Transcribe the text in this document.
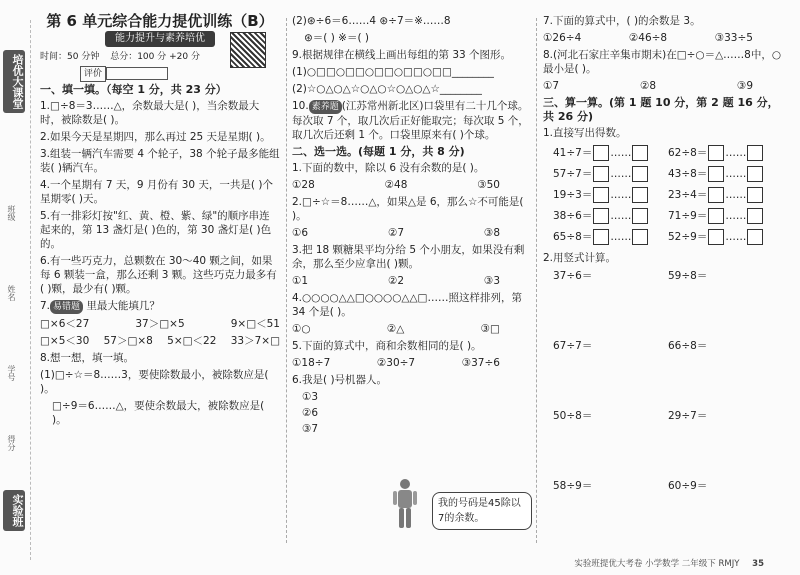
培优大课堂
班级
姓名
学号
得分
实验班
第 6 单元综合能力提优训练（B）
能力提升与素养培优
时间：50 分钟 总分：100 分 +20 分
评价
一、填一填。（每空 1 分，共 23 分）

1.□÷8＝3……△，余数最大是( )，当余数最大时，被除数是( )。

2.如果今天是星期四，那么再过 25 天是星期( )。

3.组装一辆汽车需要 4 个轮子，38 个轮子最多能组装( )辆汽车。

4.一个星期有 7 天，9 月份有 30 天，一共是( )个星期零( )天。

5.有一排彩灯按"红、黄、橙、紫、绿"的顺序串连起来的，第 13 盏灯是( )色的，第 30 盏灯是( )色的。

6.有一些巧克力，总颗数在 30～40 颗之间，如果每 6 颗装一盒，那么还剩 3 颗。这些巧克力最多有( )颗，最少有( )颗。

7. 易错题 里最大能填几？

□×6＜27	37＞□×5	9×□＜51
□×5＜30 57＞□×8 5×□＜22 33＞7×□

8.想一想，填一填。

(1)□÷☆＝8……3，要使除数最小，被除数应是( )。

□÷9＝6……△，要使余数最大，被除数应是( )。

(2)⊛÷6＝6……4 ⊛÷7＝※……8

⊛＝( ) ※＝( )

9.根据规律在横线上画出每组的第 33 个图形。

(1)○□□○□□○□□○□□○□□________

(2)☆○△○△☆○△○☆○△○△☆________

10. 素养题 (江苏常州新北区)口袋里有二十几个球。每次取 7 个，取几次后正好能取完；每次取 5 个，取几次后还剩 1 个。口袋里原来有( )个球。

二、选一选。(每题 1 分，共 8 分)

1.下面的数中，除以 6 没有余数的是( )。

①28	②48	③50

2.□÷☆＝8……△，如果△是 6，那么☆不可能是( )。

①6	②7	③8

3.把 18 颗糖果平均分给 5 个小朋友，如果没有剩余，那么至少应拿出( )颗。

①1	②2	③3

4.○○○○△△□○○○○△△□……照这样排列，第 34 个是( )。

①○	②△	③□

5.下面的算式中，商和余数相同的是( )。

①18÷7	②30÷7	③37÷6

6.我是( )号机器人。

①3
②6
③7
我的号码是45除以7的余数。

7.下面的算式中，( )的余数是 3。

①26÷4	②46÷8	③33÷5

8.(河北石家庄辛集市期末)在□÷○＝△……8中，○最小是( )。

①7	②8	③9
三、算一算。(第 1 题 10 分，第 2 题 16 分，共 26 分)

1.直接写出得数。

41÷7＝ ……	62÷8＝ ……
57÷7＝ ……	43÷8＝ ……
19÷3＝ ……	23÷4＝ ……
38÷6＝ ……	71÷9＝ ……
65÷8＝ ……	52÷9＝ ……

2.用竖式计算。

37÷6＝	59÷8＝
67÷7＝	66÷8＝
50÷8＝	29÷7＝
58÷9＝	60÷9＝
实验班提优大考卷 小学数学 二年级下 RMJY 35
